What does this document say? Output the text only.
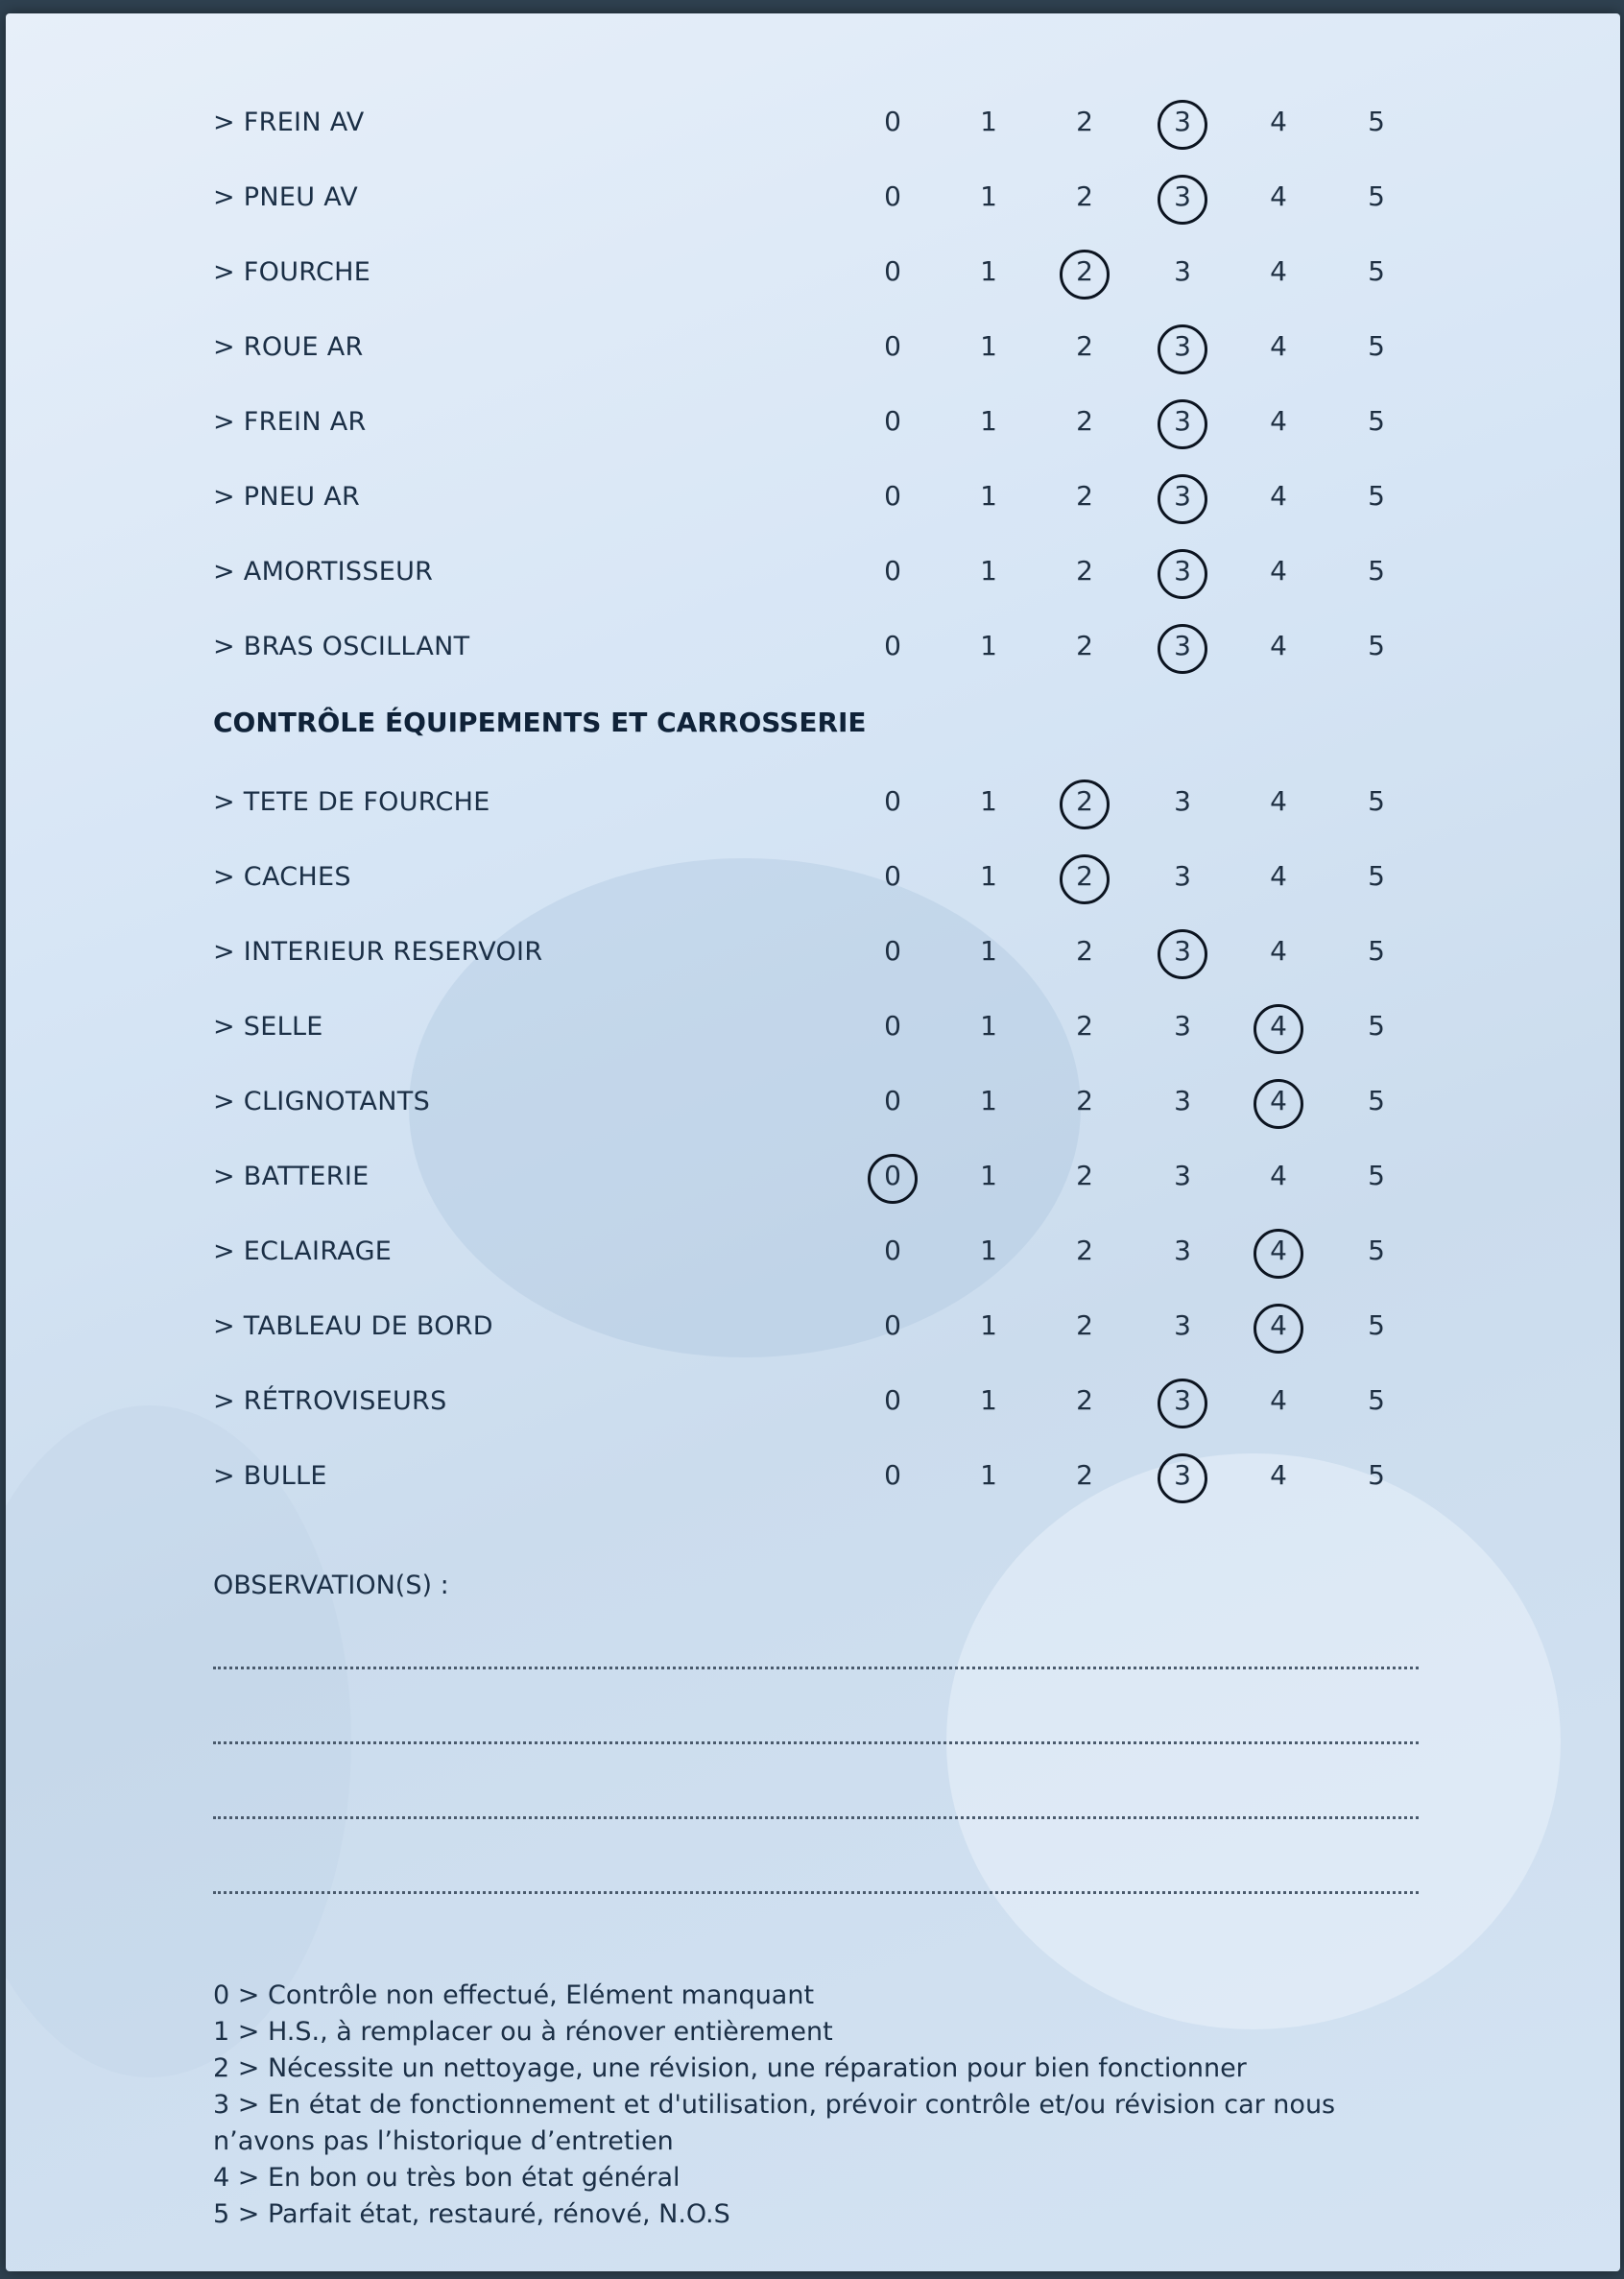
> FREIN AV	0	1	2	3	4	5
> PNEU AV	0	1	2	3	4	5
> FOURCHE	0	1	2	3	4	5
> ROUE AR	0	1	2	3	4	5
> FREIN AR	0	1	2	3	4	5
> PNEU AR	0	1	2	3	4	5
> AMORTISSEUR	0	1	2	3	4	5
> BRAS OSCILLANT	0	1	2	3	4	5
CONTRÔLE ÉQUIPEMENTS ET CARROSSERIE
> TETE DE FOURCHE	0	1	2	3	4	5
> CACHES	0	1	2	3	4	5
> INTERIEUR RESERVOIR	0	1	2	3	4	5
> SELLE	0	1	2	3	4	5
> CLIGNOTANTS	0	1	2	3	4	5
> BATTERIE	0	1	2	3	4	5
> ECLAIRAGE	0	1	2	3	4	5
> TABLEAU DE BORD	0	1	2	3	4	5
> RÉTROVISEURS	0	1	2	3	4	5
> BULLE	0	1	2	3	4	5
OBSERVATION(S) :
0 > Contrôle non effectué, Elément manquant
1 > H.S., à remplacer ou à rénover entièrement
2 > Nécessite un nettoyage, une révision, une réparation pour bien fonctionner
3 > En état de fonctionnement et d'utilisation, prévoir contrôle et/ou révision car nous n’avons pas l’historique d’entretien
4 > En bon ou très bon état général
5 > Parfait état, restauré, rénové, N.O.S
